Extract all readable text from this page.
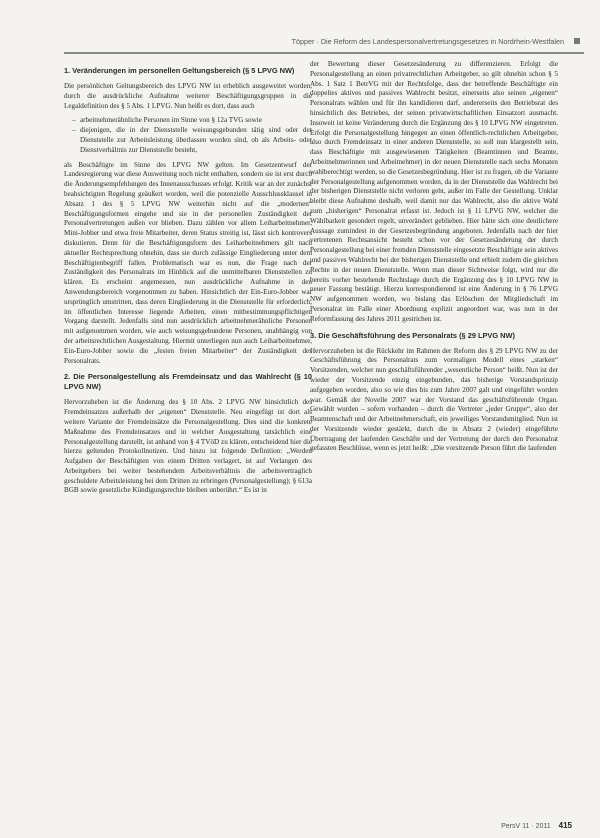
Töpper · Die Reform des Landespersonalvertretungsgesetzes in Nordrhein-Westfalen
1. Veränderungen im personellen Geltungsbereich (§ 5 LPVG NW)

Die persönlichen Geltungsbereich des LPVG NW ist erheblich ausgeweitet worden, durch die ausdrückliche Aufnahme weiterer Beschäftigungsgruppen in die Legaldefinition des § 5 Abs. 1 LPVG. Nun heißt es dort, dass auch

– arbeitnehmerähnliche Personen im Sinne von § 12a TVG sowie
– diejenigen, die in der Dienststelle weisungsgebunden tätig sind oder der Dienststelle zur Arbeitsleistung überlassen worden sind, ob als Arbeits- oder Dienstverhältnis zur Dienststelle besteht,

als Beschäftigte im Sinne des LPVG NW gelten. Im Gesetzentwurf der Landesregierung war diese Ausweitung noch nicht enthalten, sondern sie ist erst durch die Änderungsempfehlungen des Innenausschusses erfolgt. Kritik war an der zunächst beabsichtigten Regelung geäußert worden, weil die potenzielle Ausschlussklausel in Absatz 1 des § 5 LPVG NW weiterhin nicht auf die „modernen“ Beschäftigungsformen eingehe und sie in der personellen Zuständigkeit der Personalvertretungen außen vor blieben. Dazu zählen vor allem Leiharbeitnehmer, Mini-Jobber und etwa freie Mitarbeiter, deren Status streitig ist, lässt sich kontrovers diskutieren. Denn für die Beschäftigungsform des Leiharbeitnehmers gilt nach aktueller Rechtsprechung ohnehin, dass sie durch zulässige Eingliederung unter dem Beschäftigtenbegriff fallen. Problematisch war es nun, die Frage nach der Zuständigkeit des Personalrats im Hinblick auf die unmittelbaren Dienststellen zu klären. Es erscheint angemessen, nun ausdrückliche Aufnahme in den Anwendungsbereich vorgenommen zu haben. Hinsichtlich der Ein-Euro-Jobber war ursprünglich umstritten, dass deren Eingliederung in die Dienststelle für erforderlich, im öffentlichen Interesse liegende Arbeiten, einen mitbestimmungspflichtigen Vorgang darstellt. Jedenfalls sind nun ausdrücklich arbeitnehmerähnliche Personen mit aufgenommen worden, wie auch weisungsgebundene Personen, unabhängig von der arbeitsrechtlichen Ausgestaltung. Hiermit unterliegen nun auch Leiharbeitnehmer, Ein-Euro-Jobber sowie die „festen freien Mitarbeiter“ der Zuständigkeit des Personalrats.

2. Die Personalgestellung als Fremdeinsatz und das Wahlrecht (§ 10 LPVG NW)

Hervorzuheben ist die Änderung des § 10 Abs. 2 LPVG NW hinsichtlich des Fremdeinsatzes außerhalb der „eigenen“ Dienststelle. Neu eingefügt ist dort als weitere Variante der Fremdeinsätze die Personalgestellung. Dies sind die konkrete Maßnahme des Fremdeinsatzes und in welcher Ausgestaltung tatsächlich eine Personalgestellung darstellt, ist anhand von § 4 TVöD zu klären, entscheidend hier die hierzu geltenden Protokollnotizen. Und hinzu ist folgende Definition: „Werden Aufgaben der Beschäftigten von einem Dritten verlagert, ist auf Verlangen des Arbeitgebers bei weiter bestehendem Arbeitsverhältnis die arbeitsvertraglich geschuldete Arbeitsleistung bei dem Dritten zu erbringen (Personalgestellung); § 613a BGB sowie gesetzliche Kündigungsrechte bleiben unberührt.“ Es ist in

der Bewertung dieser Gesetzesänderung zu differenzieren. Erfolgt die Personalgestellung an einen privatrechtlichen Arbeitgeber, so gilt ohnehin schon § 5 Abs. 1 Satz 1 BetrVG mit der Rechtsfolge, dass der betreffende Beschäftigte ein doppeltes aktives und passives Wahlrecht besitzt, einerseits also seinen „eigenen“ Personalrats wählen und für ihn kandidieren darf, andererseits den Betriebsrat des hinsichtlich des Betriebes, der seinen privatwirtschaftlichen Einsatzort ausmacht. Insoweit ist keine Veränderung durch die Ergänzung des § 10 LPVG NW eingetreten. Erfolgt die Personalgestellung hingegen an einen öffentlich-rechtlichen Arbeitgeber, also durch Fremdeinsatz in einer anderen Dienststelle, so soll nun klargestellt sein, dass Beschäftigte mit ausgewiesenen Tätigkeiten (Beamtinnen und Beamte, Arbeitnehmerinnen und Arbeitnehmer) in der neuen Dienststelle nach sechs Monaten wahlberechtigt werden, so die Gesetzesbegründung. Hier ist zu fragen, ob die Variante der Personalgestellung aufgenommen worden, da in der Dienststelle das Wahlrecht bei der bisherigen Dienststelle nicht verloren geht, außer im Falle der Gestellung. Unklar bleibt diese Aufnahme deshalb, weil damit nur das Wahlrecht, also die aktive Wahl zum „bisherigen“ Personalrat erfasst ist. Jedoch ist § 11 LPVG NW, welcher die Wählbarkeit gesondert regelt, unverändert geblieben. Hier hätte sich eine deutlichere Aussage zumindest in der Gesetzesbegründung angeboten. Jedenfalls nach der hier vertretenen Rechtsansicht besteht schon vor der Gesetzesänderung der durch Personalgestellung bei einer fremden Dienststelle eingesetzte Beschäftigte sein aktives und passives Wahlrecht bei der bisherigen Dienststelle und erhielt zudem die gleichen Rechte in der neuen Dienststelle. Wenn man dieser Sichtweise folgt, wird nur die bereits vorher bestehende Rechtslage durch die Ergänzung des § 10 LPVG NW in neuer Fassung bestätigt. Hierzu korrespondierend ist eine Änderung in § 76 LPVG NW aufgenommen worden, wo bislang das Erlöschen der Mitgliedschaft im Personalrat im Falle einer Abordnung explizit angeordnet war, was nun in der Reformfassung des Jahres 2011 gestrichen ist.

3. Die Geschäftsführung des Personalrats (§ 29 LPVG NW)

Hervorzuheben ist die Rückkehr im Rahmen der Reform des § 29 LPVG NW zu der Geschäftsführung des Personalrats zum vormaligen Modell eines „starken“ Vorsitzenden, welcher nun geschäftsführender „wesentliche Person“ heißt. Nun ist der wieder der Vorsitzende einzig eingebunden, das bisherige Vorstandsprinzip aufgegeben worden, also so wie dies bis zum Jahre 2007 galt und eingeführt worden war. Gemäß der Novelle 2007 war der Vorstand das geschäftsführende Organ. Gewählt wurden – sofern vorhanden – durch die Vertreter „jeder Gruppe“, also der Beamtenschaft und der Arbeitnehmerschaft, ein jeweiliges Vorstandsmitglied. Nun ist der Vorsitzende wieder gestärkt, durch die in Absatz 2 (wieder) eingeführte Übertragung der laufenden Geschäfte und der Vertretung der durch den Personalrat gefassten Beschlüsse, wenn es jetzt heißt: „Die vorsitzende Person führt die laufenden

PersV 11 · 2011 415
